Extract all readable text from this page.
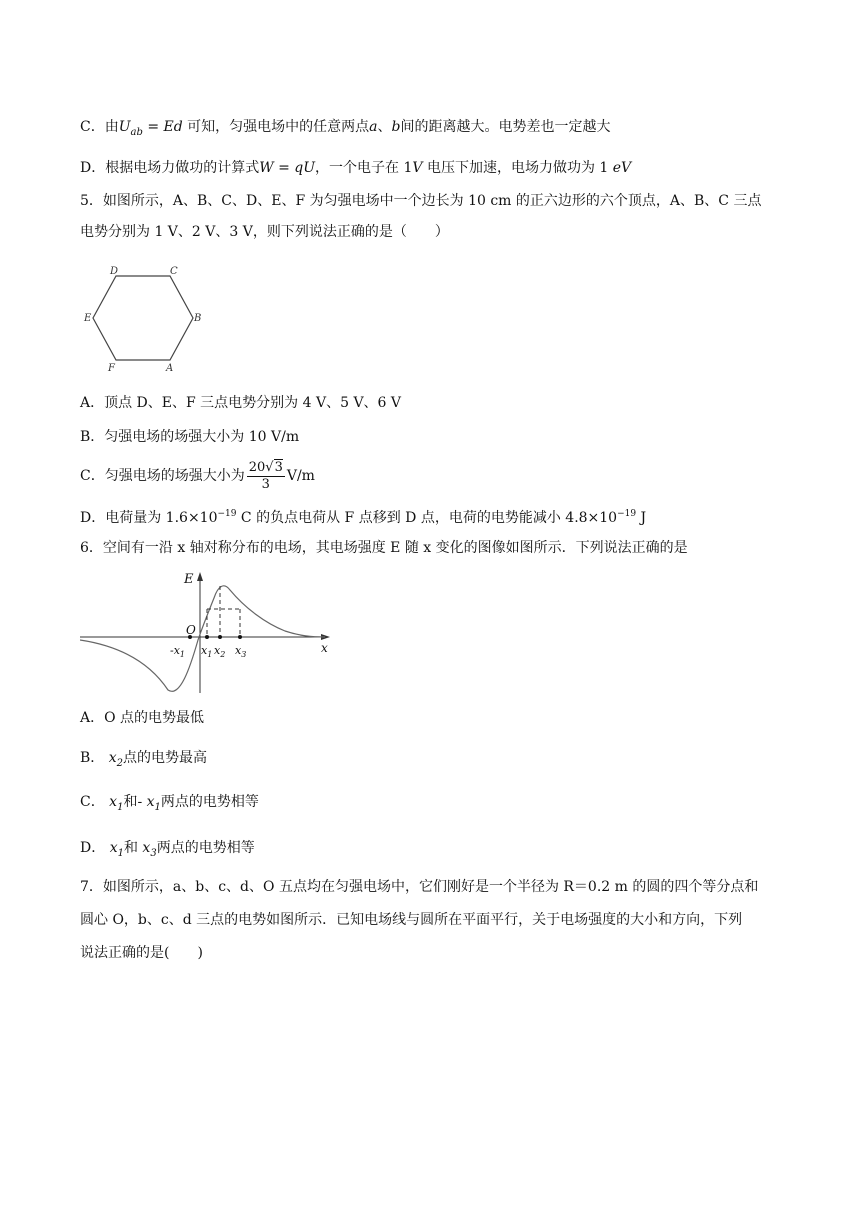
C．由$U_{ab} = Ed$ 可知，匀强电场中的任意两点a、b间的距离越大。电势差也一定越大
D．根据电场力做功的计算式W = qU，一个电子在 1V 电压下加速，电场力做功为 1 eV
5．如图所示，A、B、C、D、E、F 为匀强电场中一个边长为 10 cm 的正六边形的六个顶点，A、B、C 三点
电势分别为 1 V、2 V、3 V，则下列说法正确的是（　　）
D	C
E	B
F	A
A．顶点 D、E、F 三点电势分别为 4 V、5 V、6 V
B．匀强电场的场强大小为 10 V/m
C．匀强电场的场强大小为 $\frac{20√3}{3} V/m$
D．电荷量为 $1.6\times 10^{-19}$ C 的负点电荷从 F 点移到 D 点，电荷的电势能减小 $4.8\times 10^{-19}$ J
6．空间有一沿 x 轴对称分布的电场，其电场强度 E 随 x 变化的图像如图所示．下列说法正确的是
E
O
x
$-x_1$ $x_1$ $x_2$ $x_3$
A．O 点的电势最低
B． $x_2$点的电势最高
C． $x_1$和- $x_1$两点的电势相等
D． $x_1$和 $x_3$两点的电势相等
7．如图所示，a、b、c、d、O 五点均在匀强电场中，它们刚好是一个半径为 R＝0.2 m 的圆的四个等分点和
圆心 O，b、c、d 三点的电势如图所示．已知电场线与圆所在平面平行，关于电场强度的大小和方向，下列
说法正确的是(　　)
